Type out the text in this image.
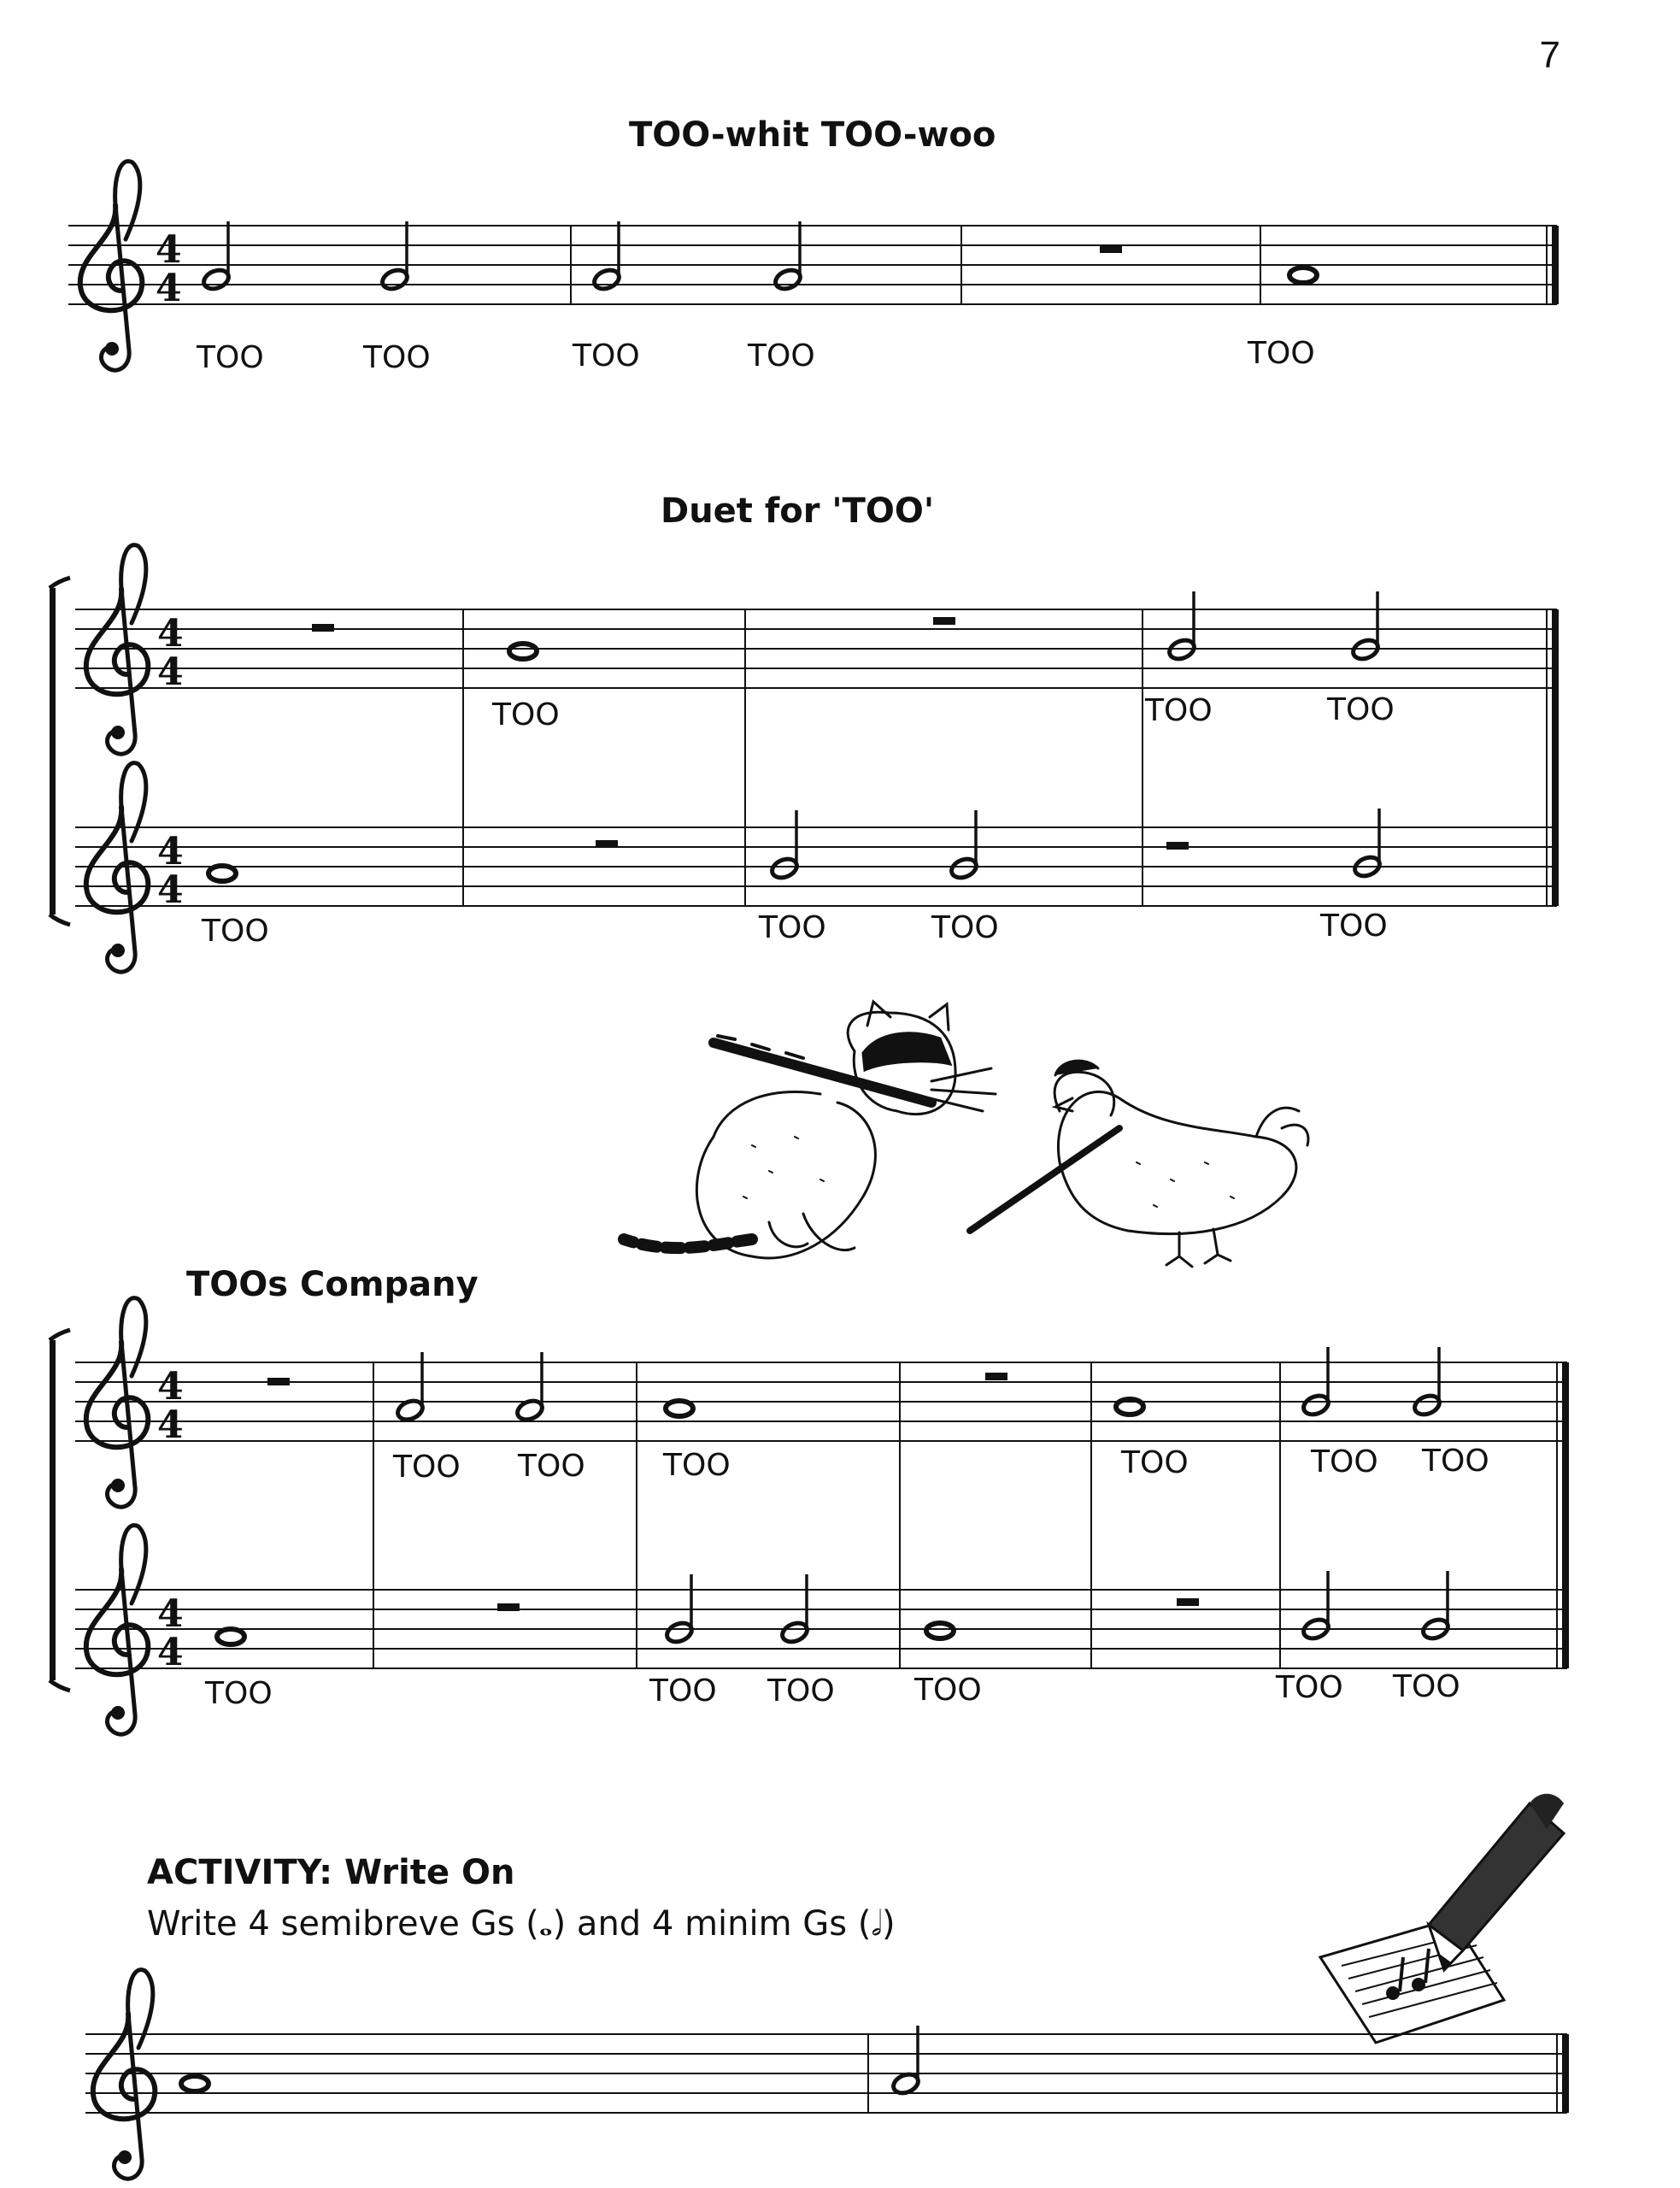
7
TOO-whit TOO-woo
Duet for 'TOO'
TOOs Company
ACTIVITY: Write On
Write 4 semibreve Gs (𝅝) and 4 minim Gs (𝅗𝅥)
4
4
TOO	TOO	TOO	TOO	TOO
4
4
4
4
TOO	TOO	TOO
TOO	TOO	TOO	TOO
4
4
4
4
TOO TOO	TOO	TOO	TOO TOO
TOO	TOO TOO	TOO	TOO TOO
